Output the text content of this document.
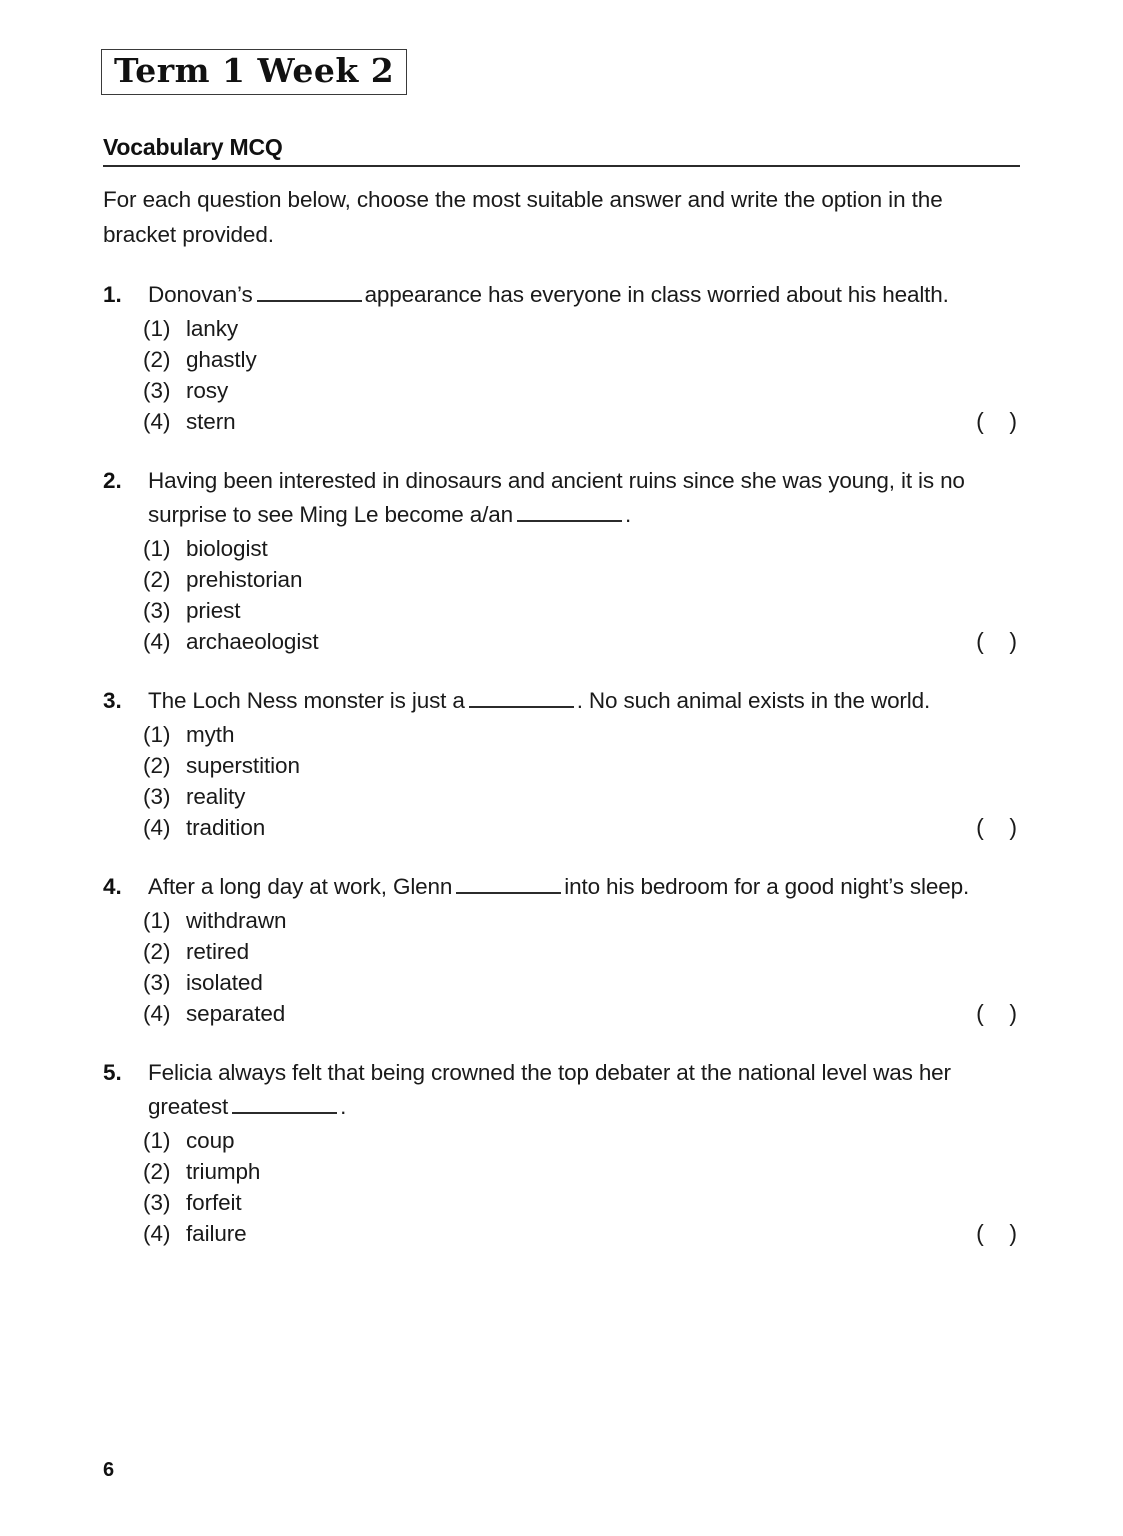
Term 1 Week 2
Vocabulary MCQ
For each question below, choose the most suitable answer and write the option in the bracket provided.
1. Donovan’s	appearance has everyone in class worried about his health.
(1) lanky
(2) ghastly
(3) rosy
(4) stern	(    )
2. Having been interested in dinosaurs and ancient ruins since she was young, it is no surprise to see Ming Le become a/an	.
(1) biologist
(2) prehistorian
(3) priest
(4) archaeologist	(    )
3. The Loch Ness monster is just a	. No such animal exists in the world.
(1) myth
(2) superstition
(3) reality
(4) tradition	(    )
4. After a long day at work, Glenn	into his bedroom for a good night’s sleep.
(1) withdrawn
(2) retired
(3) isolated
(4) separated	(    )
5. Felicia always felt that being crowned the top debater at the national level was her greatest	.
(1) coup
(2) triumph
(3) forfeit
(4) failure	(    )
6
